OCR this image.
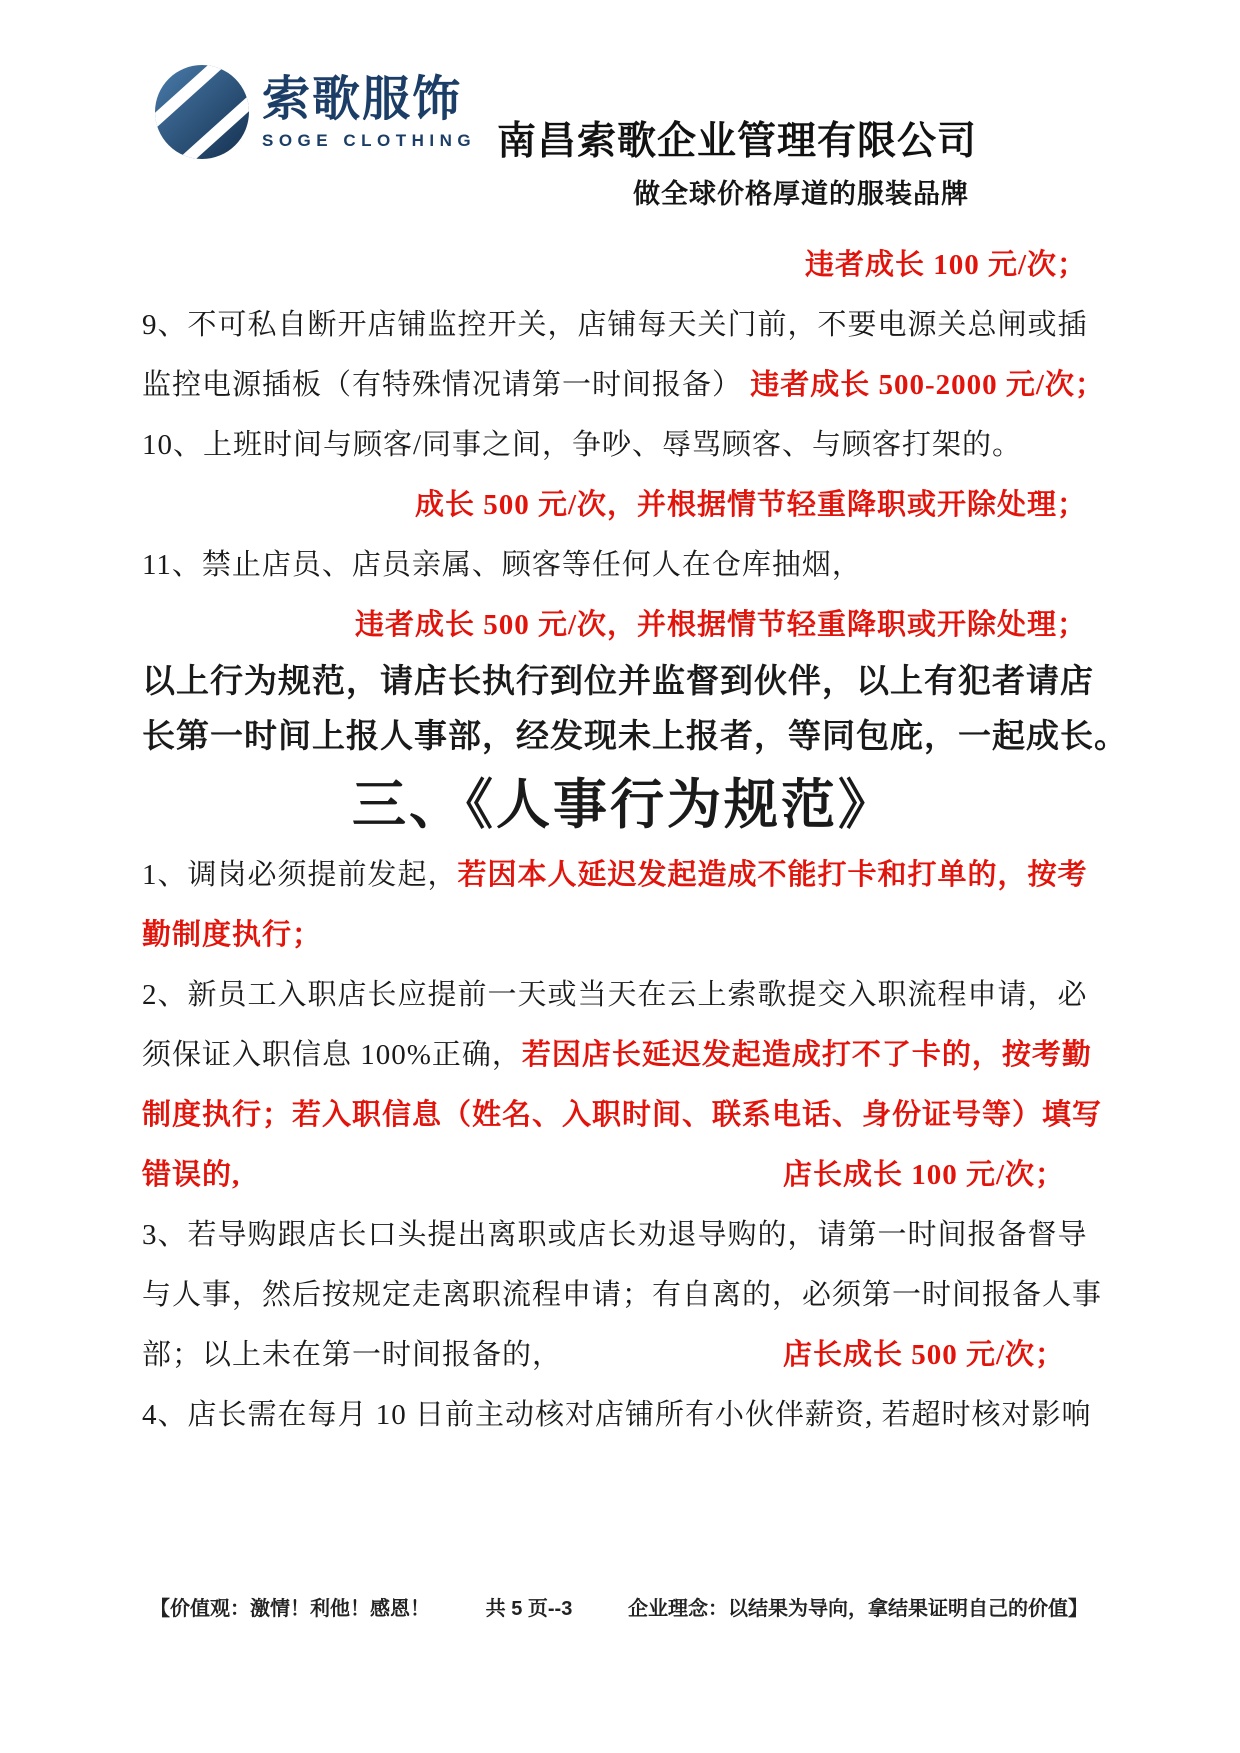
索歌服饰
SOGE CLOTHING 南昌索歌企业管理有限公司
做全球价格厚道的服装品牌
违者成长 100 元/次；
9、不可私自断开店铺监控开关，店铺每天关门前，不要电源关总闸或插
监控电源插板（有特殊情况请第一时间报备） 违者成长 500-2000 元/次；
10、上班时间与顾客/同事之间，争吵、辱骂顾客、与顾客打架的。
成长 500 元/次，并根据情节轻重降职或开除处理；
11、禁止店员、店员亲属、顾客等任何人在仓库抽烟，
违者成长 500 元/次，并根据情节轻重降职或开除处理；
以上行为规范，请店长执行到位并监督到伙伴，以上有犯者请店
长第一时间上报人事部，经发现未上报者，等同包庇，一起成长。
三、《人事行为规范》
1、调岗必须提前发起，若因本人延迟发起造成不能打卡和打单的，按考
勤制度执行；
2、新员工入职店长应提前一天或当天在云上索歌提交入职流程申请，必
须保证入职信息 100%正确，若因店长延迟发起造成打不了卡的，按考勤
制度执行；若入职信息（姓名、入职时间、联系电话、身份证号等）填写
错误的,	店长成长 100 元/次；
3、若导购跟店长口头提出离职或店长劝退导购的，请第一时间报备督导
与人事，然后按规定走离职流程申请；有自离的，必须第一时间报备人事
部；以上未在第一时间报备的，	店长成长 500 元/次；
4、店长需在每月 10 日前主动核对店铺所有小伙伴薪资, 若超时核对影响
【价值观：激情！利他！感恩！	共 5 页--3	企业理念：以结果为导向，拿结果证明自己的价值】
